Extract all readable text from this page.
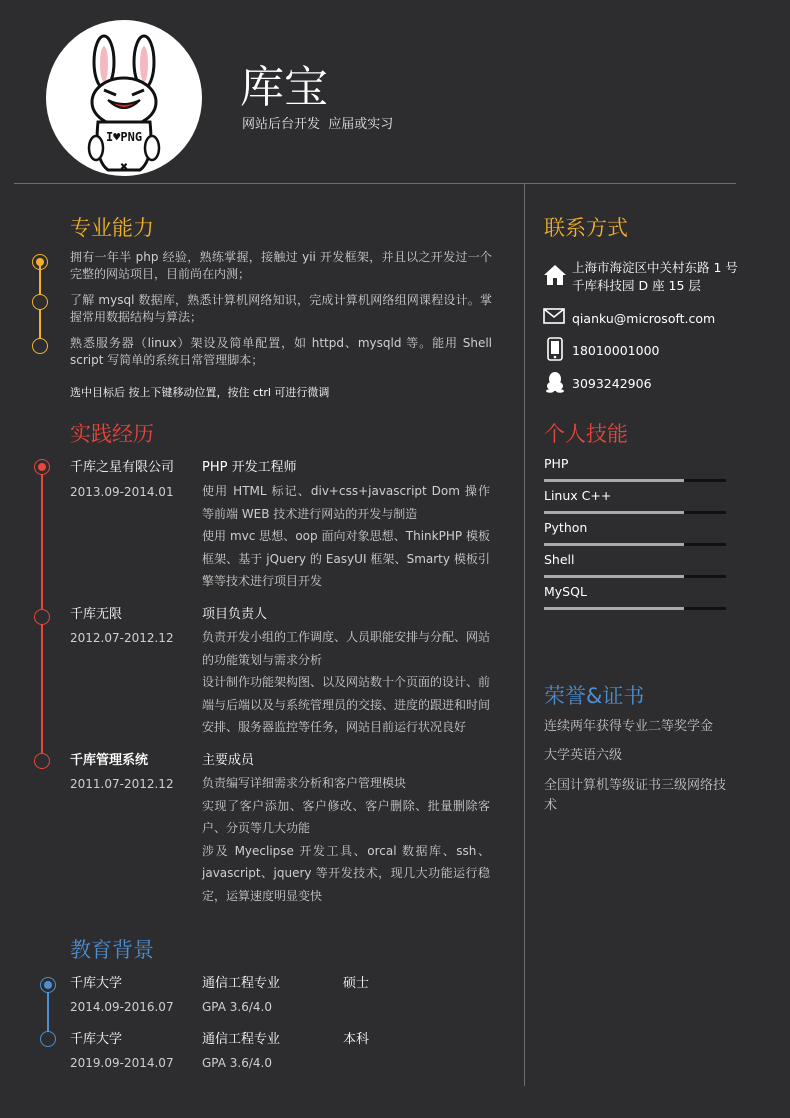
I♥PNG
✖
库宝
网站后台开发  应届或实习
专业能力
拥有一年半 php 经验，熟练掌握，接触过 yii 开发框架，并且以之开发过一个完整的网站项目，目前尚在内测；
了解 mysql 数据库，熟悉计算机网络知识，完成计算机网络组网课程设计。掌握常用数据结构与算法；
熟悉服务器（linux）架设及简单配置，如 httpd、mysqld 等。能用 Shell script 写简单的系统日常管理脚本；
选中目标后 按上下键移动位置，按住 ctrl 可进行微调
实践经历
千库之星有限公司
2013.09-2014.01
PHP 开发工程师
使用 HTML 标记、div+css+javascript Dom 操作等前端 WEB 技术进行网站的开发与制造
使用 mvc 思想、oop 面向对象思想、ThinkPHP 模板框架、基于 jQuery 的 EasyUI 框架、Smarty 模板引擎等技术进行项目开发
千库无限
2012.07-2012.12
项目负责人
负责开发小组的工作调度、人员职能安排与分配、网站的功能策划与需求分析
设计制作功能架构图、以及网站数十个页面的设计、前端与后端以及与系统管理员的交接、进度的跟进和时间安排、服务器监控等任务，网站目前运行状况良好
千库管理系统
2011.07-2012.12
主要成员
负责编写详细需求分析和客户管理模块
实现了客户添加、客户修改、客户删除、批量删除客户、分页等几大功能
涉及 Myeclipse 开发工具、orcal 数据库、ssh、javascript、jquery 等开发技术，现几大功能运行稳定，运算速度明显变快
教育背景
千库大学
2014.09-2016.07
通信工程专业
GPA 3.6/4.0
硕士
千库大学
2019.09-2014.07
通信工程专业
GPA 3.6/4.0
本科
联系方式
上海市海淀区中关村东路 1 号
千库科技园 D 座 15 层
qianku@microsoft.com
18010001000
3093242906
个人技能
PHP
Linux C++
Python
Shell
MySQL
荣誉&证书
连续两年获得专业二等奖学金
大学英语六级
全国计算机等级证书三级网络技术
